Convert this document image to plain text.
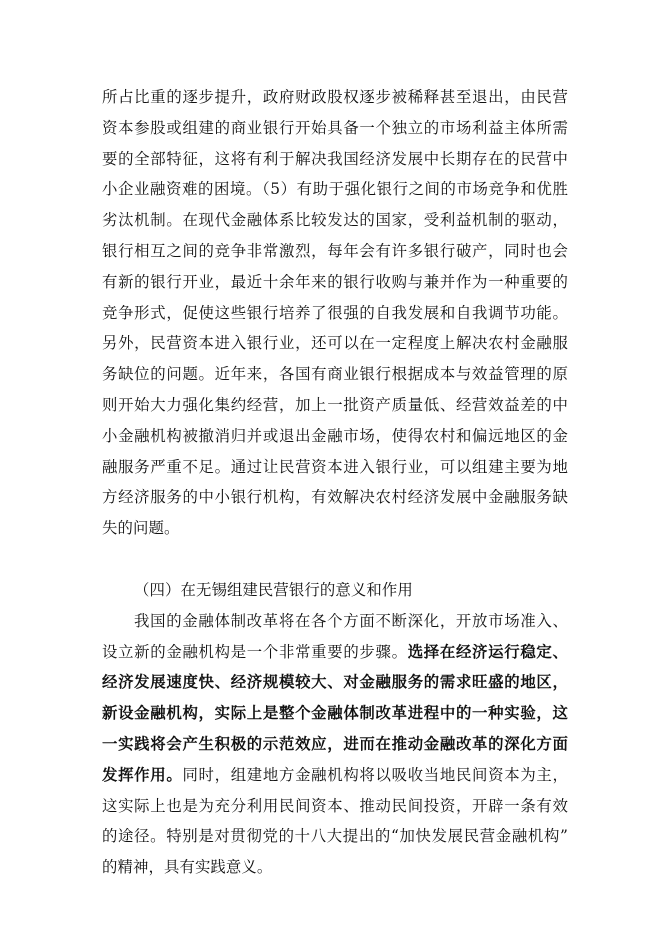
所占比重的逐步提升，政府财政股权逐步被稀释甚至退出，由民营
资本参股或组建的商业银行开始具备一个独立的市场利益主体所需
要的全部特征，这将有利于解决我国经济发展中长期存在的民营中
小企业融资难的困境。（5）有助于强化银行之间的市场竞争和优胜
劣汰机制。在现代金融体系比较发达的国家，受利益机制的驱动，
银行相互之间的竞争非常激烈，每年会有许多银行破产，同时也会
有新的银行开业，最近十余年来的银行收购与兼并作为一种重要的
竞争形式，促使这些银行培养了很强的自我发展和自我调节功能。
另外，民营资本进入银行业，还可以在一定程度上解决农村金融服
务缺位的问题。近年来，各国有商业银行根据成本与效益管理的原
则开始大力强化集约经营，加上一批资产质量低、经营效益差的中
小金融机构被撤消归并或退出金融市场，使得农村和偏远地区的金
融服务严重不足。通过让民营资本进入银行业，可以组建主要为地
方经济服务的中小银行机构，有效解决农村经济发展中金融服务缺
失的问题。
（四）在无锡组建民营银行的意义和作用
我国的金融体制改革将在各个方面不断深化，开放市场准入、
设立新的金融机构是一个非常重要的步骤。选择在经济运行稳定、
经济发展速度快、经济规模较大、对金融服务的需求旺盛的地区，
新设金融机构，实际上是整个金融体制改革进程中的一种实验，这
一实践将会产生积极的示范效应，进而在推动金融改革的深化方面
发挥作用。同时，组建地方金融机构将以吸收当地民间资本为主，
这实际上也是为充分利用民间资本、推动民间投资，开辟一条有效
的途径。特别是对贯彻党的十八大提出的“加快发展民营金融机构”
的精神，具有实践意义。
